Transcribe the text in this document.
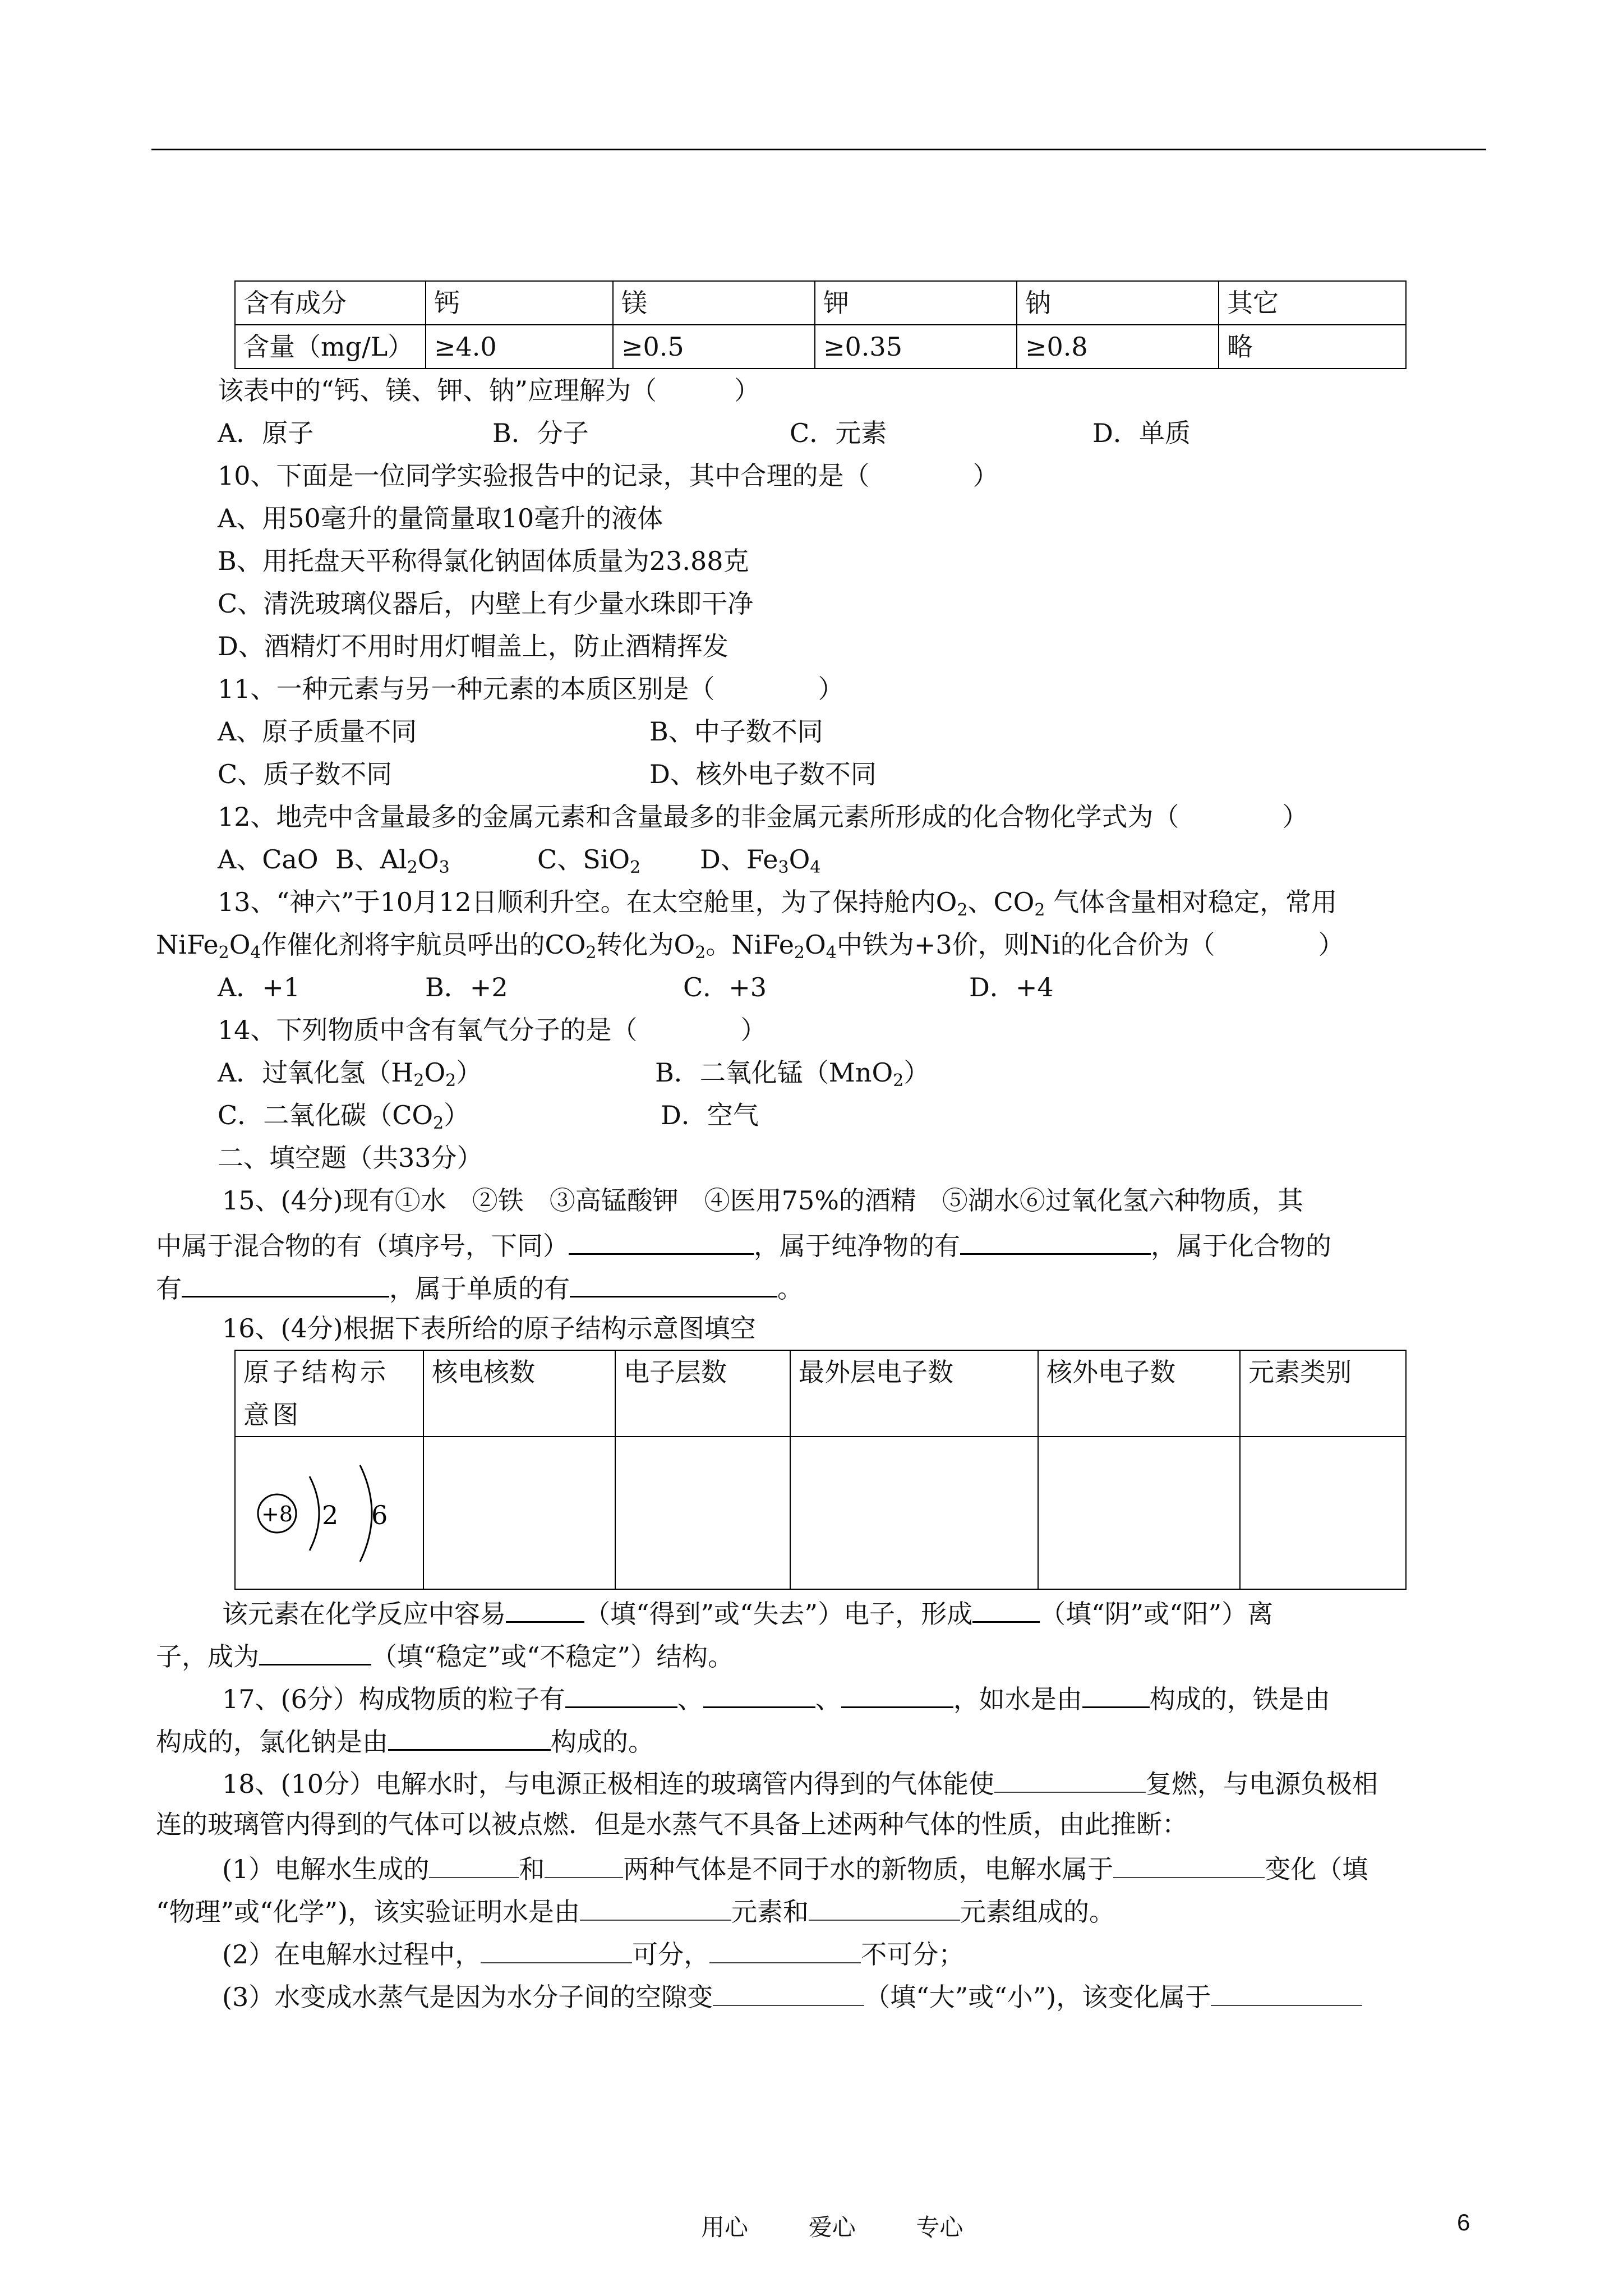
含有成分	钙	镁	钾	钠	其它
含量（mg/L）	≥4.0	≥0.5	≥0.35	≥0.8	略
该表中的“钙、镁、钾、钠”应理解为（　　　）
A．原子	B．分子	C．元素	D．单质
10、下面是一位同学实验报告中的记录，其中合理的是（　　　　）
A、用50毫升的量筒量取10毫升的液体
B、用托盘天平称得氯化钠固体质量为23.88克
C、清洗玻璃仪器后，内壁上有少量水珠即干净
D、酒精灯不用时用灯帽盖上，防止酒精挥发
11、一种元素与另一种元素的本质区别是（　　　　）
A、原子质量不同	B、中子数不同
C、质子数不同	D、核外电子数不同
12、地壳中含量最多的金属元素和含量最多的非金属元素所形成的化合物化学式为（　　　　）
A、CaO B、$Al_2O_3$	C、SiO$_2$	D、$Fe_3O_4$
13、“神六”于10月12日顺利升空。在太空舱里，为了保持舱内$O_2$、$CO_2$ 气体含量相对稳定，常用
$NiFe_2O_4$作催化剂将宇航员呼出的$CO_2$转化为$O_2$。$NiFe_2O_4$中铁为+3价，则Ni的化合价为（　　　　）
A．+1	B．+2	C．+3	D．+4
14、下列物质中含有氧气分子的是（　　　　）
A．过氧化氢$(H_2O_2)$	B．二氧化锰（MnO$_2$）
C．二氧化碳$(CO_2)$	D．空气
二、填空题（共33分）
15、(4分)现有①水　②铁　③高锰酸钾　④医用75%的酒精　⑤湖水⑥过氧化氢六种物质，其
中属于混合物的有（填序号，下同）	，属于纯净物的有	，属于化合物的
有	，属于单质的有	。
16、(4分)根据下表所给的原子结构示意图填空
原子结构示意图	核电核数	电子层数	最外层电子数	核外电子数	元素类别

+8 2 6					

该元素在化学反应中容易	（填“得到”或“失去”）电子，形成	（填“阴”或“阳”）离
子，成为	（填“稳定”或“不稳定”）结构。
17、(6分）构成物质的粒子有	、	、	，如水是由	构成的，铁是由
构成的，氯化钠是由	构成的。
18、(10分）电解水时，与电源正极相连的玻璃管内得到的气体能使	复燃，与电源负极相
连的玻璃管内得到的气体可以被点燃．但是水蒸气不具备上述两种气体的性质，由此推断：
(1）电解水生成的	和	两种气体是不同于水的新物质，电解水属于	变化（填
“物理”或“化学”)，该实验证明水是由	元素和	元素组成的。
(2）在电解水过程中，	可分，	不可分；
(3）水变成水蒸气是因为水分子间的空隙变	（填“大”或“小”)，该变化属于
用心	爱心	专心	6
